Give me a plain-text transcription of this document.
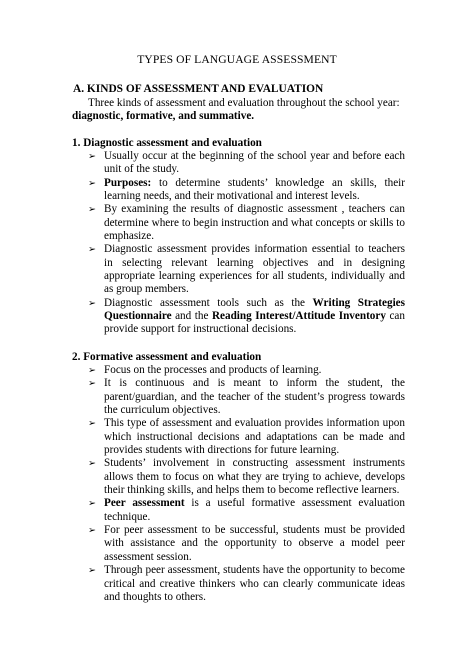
TYPES OF LANGUAGE ASSESSMENT
A. KINDS OF ASSESSMENT AND EVALUATION
Three kinds of assessment and evaluation throughout the school year:
diagnostic, formative, and summative.
1. Diagnostic assessment and evaluation
➢ Usually occur at the beginning of the school year and before each unit of the study.
➢ Purposes: to determine students’ knowledge an skills, their learning needs, and their motivational and interest levels.
➢ By examining the results of diagnostic assessment , teachers can determine where to begin instruction and what concepts or skills to emphasize.
➢ Diagnostic assessment provides information essential to teachers in selecting relevant learning objectives and in designing appropriate learning experiences for all students, individually and as group members.
➢ Diagnostic assessment tools such as the Writing Strategies Questionnaire and the Reading Interest/Attitude Inventory can provide support for instructional decisions.
2. Formative assessment and evaluation
➢ Focus on the processes and products of learning.
➢ It is continuous and is meant to inform the student, the parent/guardian, and the teacher of the student’s progress towards the curriculum objectives.
➢ This type of assessment and evaluation provides information upon which instructional decisions and adaptations can be made and provides students with directions for future learning.
➢ Students’ involvement in constructing assessment instruments allows them to focus on what they are trying to achieve, develops their thinking skills, and helps them to become reflective learners.
➢ Peer assessment is a useful formative assessment evaluation technique.
➢ For peer assessment to be successful, students must be provided with assistance and the opportunity to observe a model peer assessment session.
➢ Through peer assessment, students have the opportunity to become critical and creative thinkers who can clearly communicate ideas and thoughts to others.
